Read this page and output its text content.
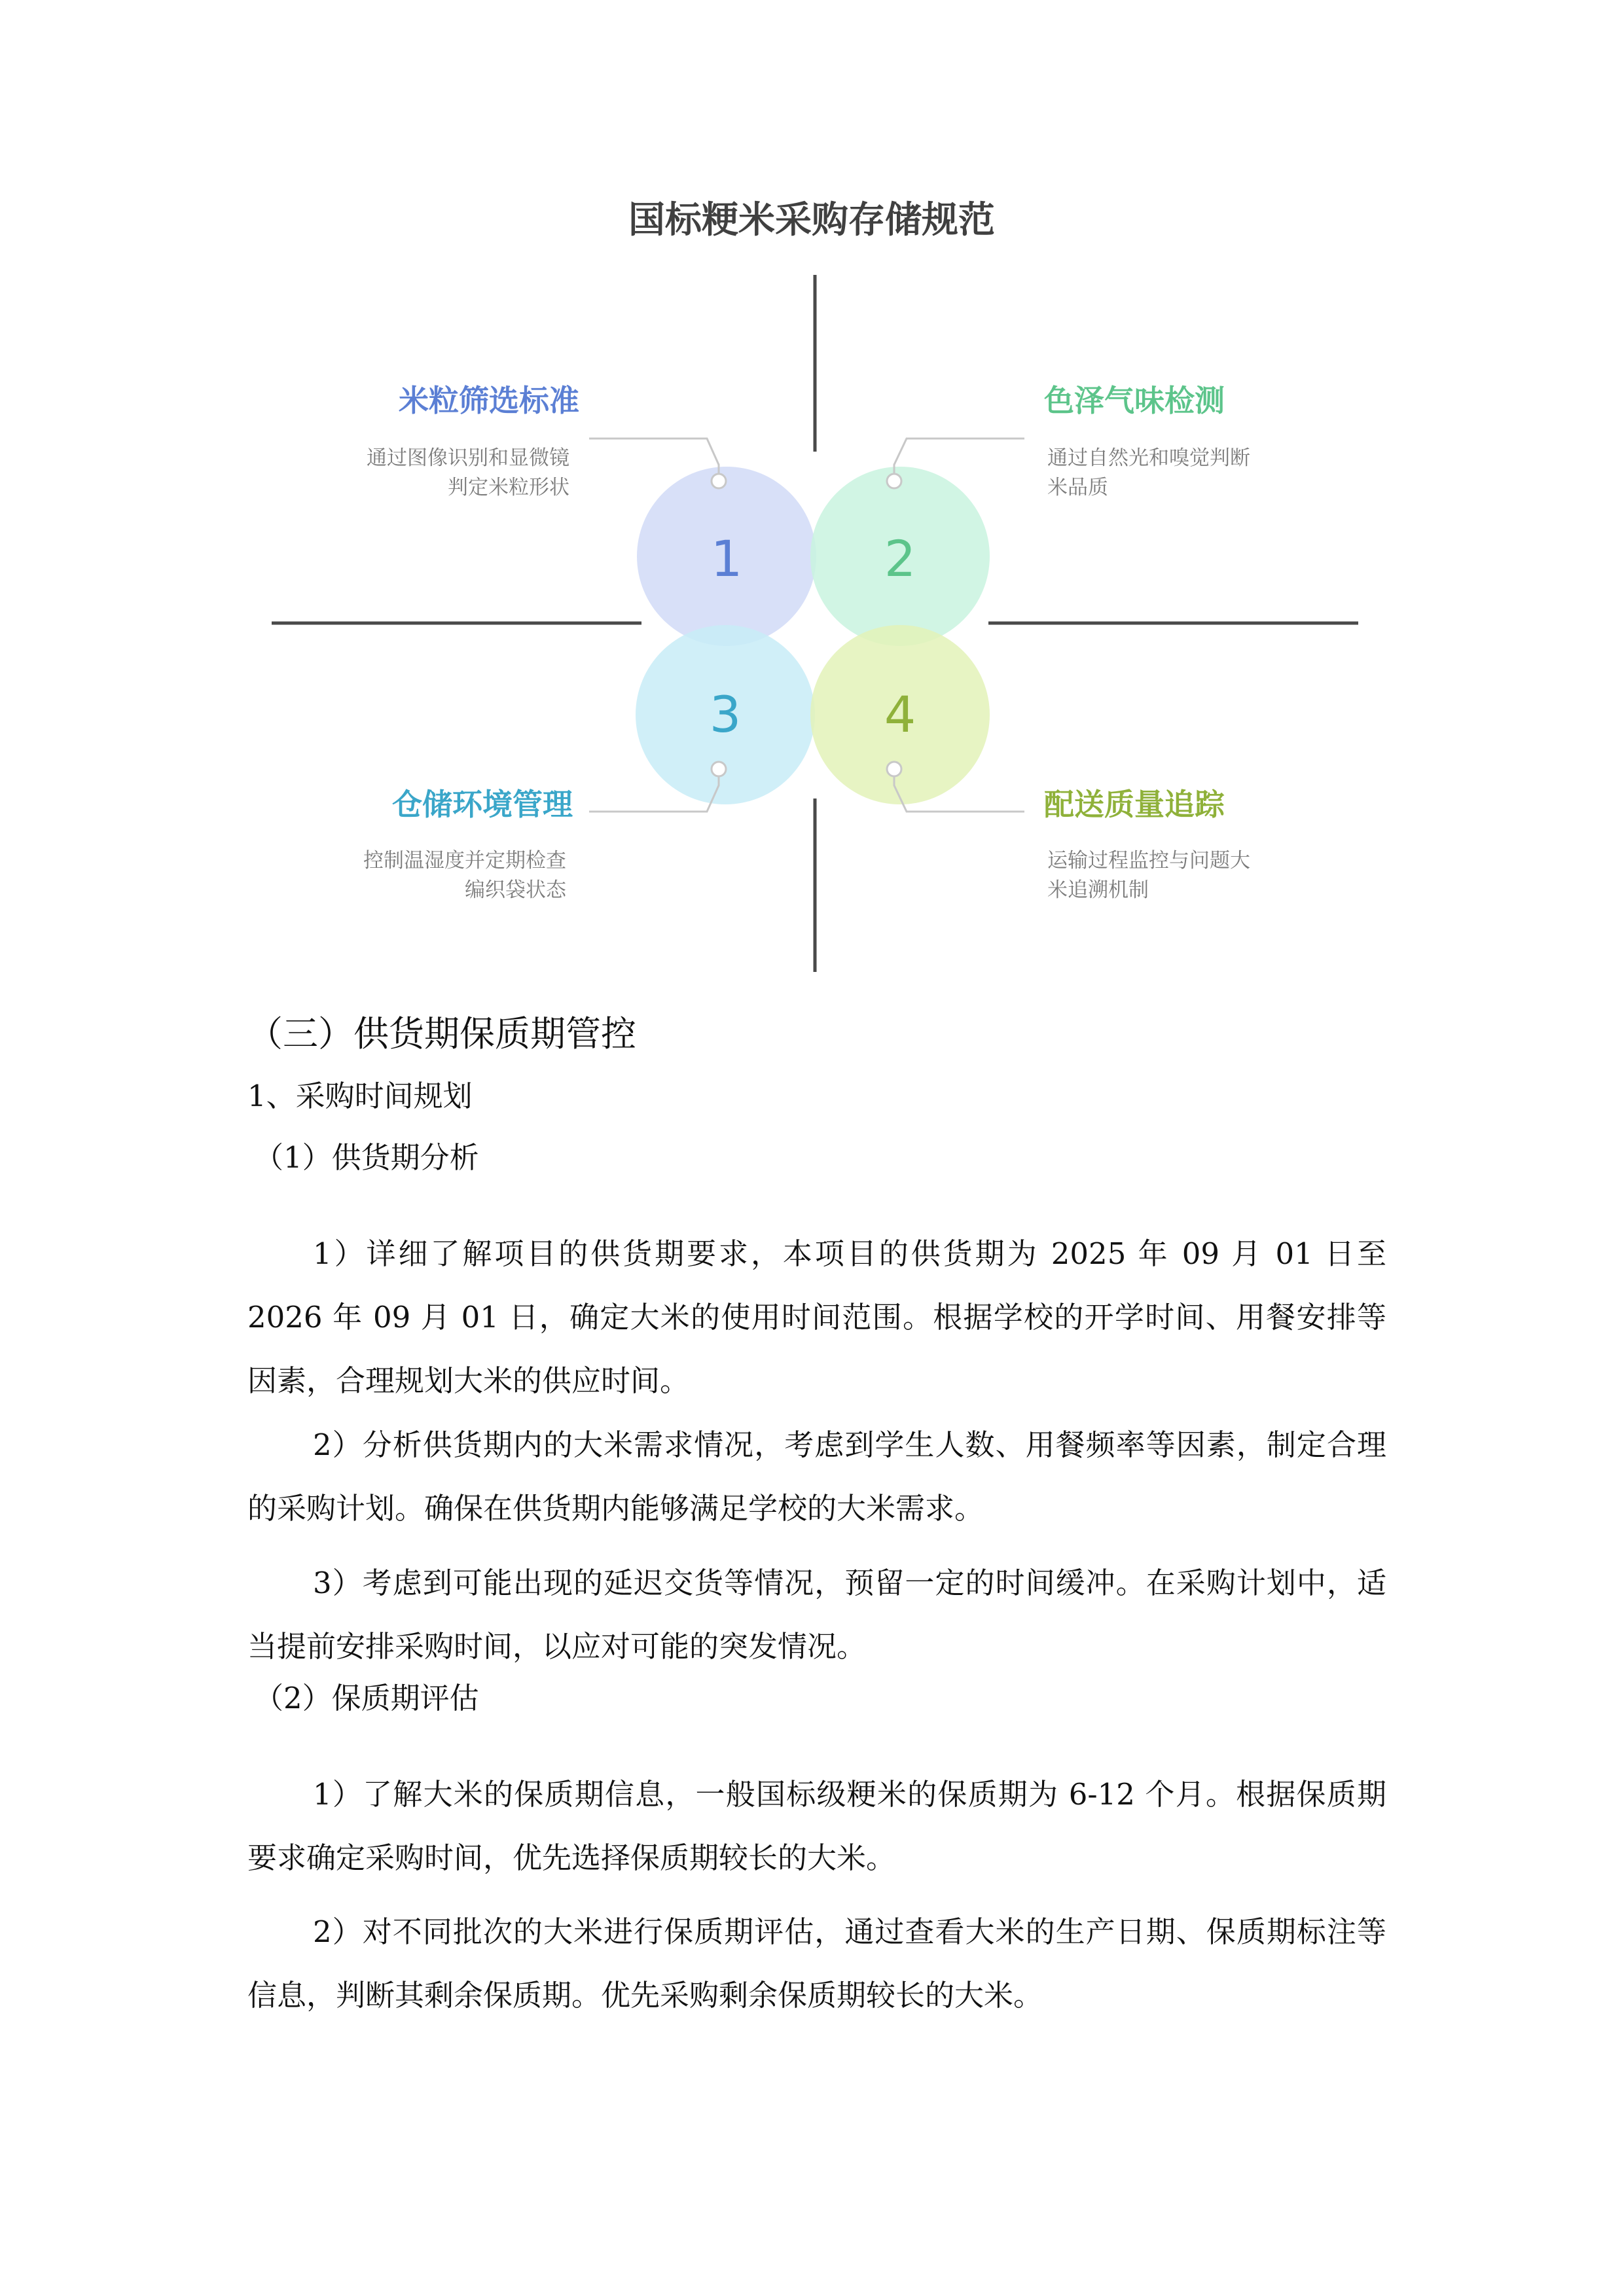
国标粳米采购存储规范
1	2
3	4
米粒筛选标准
通过图像识别和显微镜
判定米粒形状
色泽气味检测
通过自然光和嗅觉判断
米品质
仓储环境管理
控制温湿度并定期检查
编织袋状态
配送质量追踪
运输过程监控与问题大
米追溯机制
（三）供货期保质期管控
1、采购时间规划
（1）供货期分析

1）详细了解项目的供货期要求，本项目的供货期为 2025 年 09 月 01 日至 2026 年 09 月 01 日，确定大米的使用时间范围。根据学校的开学时间、用餐安排等因素，合理规划大米的供应时间。

2）分析供货期内的大米需求情况，考虑到学生人数、用餐频率等因素，制定合理的采购计划。确保在供货期内能够满足学校的大米需求。

3）考虑到可能出现的延迟交货等情况，预留一定的时间缓冲。在采购计划中，适当提前安排采购时间，以应对可能的突发情况。

（2）保质期评估

1）了解大米的保质期信息，一般国标级粳米的保质期为 6-12 个月。根据保质期要求确定采购时间，优先选择保质期较长的大米。

2）对不同批次的大米进行保质期评估，通过查看大米的生产日期、保质期标注等信息，判断其剩余保质期。优先采购剩余保质期较长的大米。
